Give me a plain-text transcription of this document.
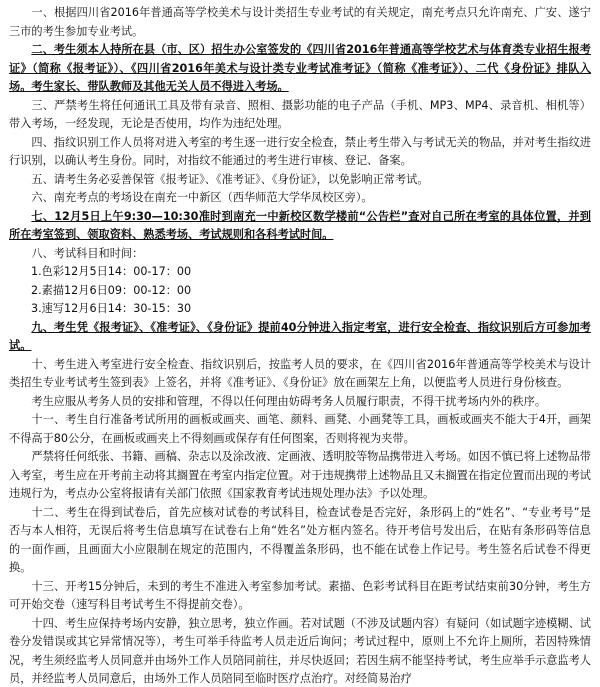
一、根据四川省2016年普通高等学校美术与设计类招生专业考试的有关规定，南充考点只允许南充、广安、遂宁三市的考生参加专业考试。

二、考生须本人持所在县（市、区）招生办公室签发的《四川省2016年普通高等学校艺术与体育类专业招生报考证》（简称《报考证》）、《四川省2016年美术与设计类专业考试准考证》（简称《准考证》）、二代《身份证》排队入场。考生家长、带队教师及其他无关人员不得进入考场。

三、严禁考生将任何通讯工具及带有录音、照相、摄影功能的电子产品（手机、MP3、MP4、录音机、相机等）带入考场，一经发现，无论是否使用，均作为违纪处理。

四、指纹识别工作人员将对进入考室的考生逐一进行安全检查，禁止考生带入与考试无关的物品，并对考生指纹进行识别，以确认考生身份。同时，对指纹不能通过的考生进行审核、登记、备案。

五、请考生务必妥善保管《报考证》、《准考证》、《身份证》，以免影响正常考试。

六、南充考点的考场设在南充一中新区（西华师范大学华凤校区旁）。

七、12月5日上午9:30—10:30准时到南充一中新校区数学楼前“公告栏”查对自己所在考室的具体位置，并到所在考室签到、领取资料、熟悉考场、考试规则和各科考试时间。

八、考试科目和时间：

1.色彩12月5日14：00-17：00

2.素描12月6日09：00-12：00

3.速写12月6日14：30-15：30

九、考生凭《报考证》、《准考证》、《身份证》提前40分钟进入指定考室，进行安全检查、指纹识别后方可参加考试。

十、考生进入考室进行安全检查、指纹识别后，按监考人员的要求，在《四川省2016年普通高等学校美术与设计类招生专业考试考生签到表》上签名，并将《准考证》、《身份证》放在画架左上角，以便监考人员进行身份核查。

考生应服从考务人员的安排和管理，不得以任何理由妨碍考务人员履行职责，不得干扰考场内外的秩序。

十一、考生自行准备考试所用的画板或画夹、画笔、颜料、画凳、小画凳等工具，画板或画夹不能大于4开，画架不得高于80公分，在画板或画夹上不得刻画或保存有任何图案，否则将视为夹带。

严禁将任何纸张、书籍、画稿、杂志以及涂改液、定画液、透明胶等物品携带进入考场。如因不慎已将上述物品带入考室，考生应在开考前主动将其搁置在考室内指定位置。对于违规携带上述物品且又未搁置在指定位置而出现的考试违规行为，考点办公室将报请有关部门依照《国家教育考试违规处理办法》予以处理。

十二、考生在得到试卷后，首先应核对试卷的考试科目，检查试卷是否完好，条形码上的“姓名”、“专业考号”是否与本人相符，无误后将考生信息填写在试卷右上角“姓名”处方框内签名。待开考信号发出后，在贴有条形码等信息的一面作画，且画面大小应限制在规定的范围内，不得覆盖条形码，也不能在试卷上作记号。考生签名后试卷不得更换。

十三、开考15分钟后，未到的考生不准进入考室参加考试。素描、色彩考试科目在距考试结束前30分钟，考生方可开始交卷（速写科目考试考生不得提前交卷）。

十四、考生应保持考场内安静，独立思考，独立作画。若对试题（不涉及试题内容）有疑问（如试题字迹模糊、试卷分发错误或其它异常情况等），考生可举手待监考人员走近后询问；考试过程中，原则上不允许上厕所，若因特殊情况，考生须经监考人员同意并由场外工作人员陪同前往，并尽快返回；若因生病不能坚持考试，考生应举手示意监考人员，并经监考人员同意后，由场外工作人员陪同至临时医疗点治疗。对经简易治疗
